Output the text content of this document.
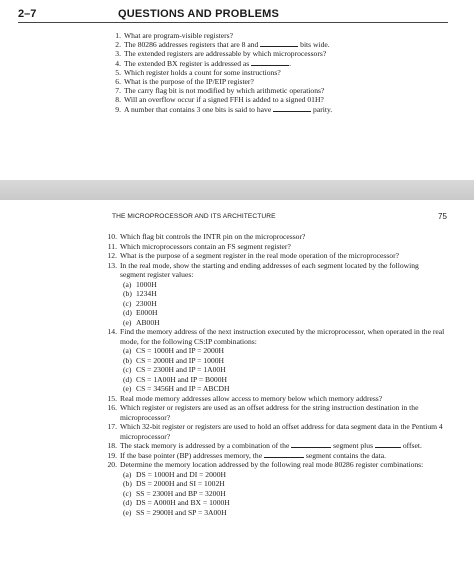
2–7	QUESTIONS AND PROBLEMS
1. What are program-visible registers?
2. The 80286 addresses registers that are 8 and	bits wide.
3. The extended registers are addressable by which microprocessors?
4. The extended BX register is addressed as	.
5. Which register holds a count for some instructions?
6. What is the purpose of the IP/EIP register?
7. The carry flag bit is not modified by which arithmetic operations?
8. Will an overflow occur if a signed FFH is added to a signed 01H?
9. A number that contains 3 one bits is said to have	parity.
THE MICROPROCESSOR AND ITS ARCHITECTURE	75
10. Which flag bit controls the INTR pin on the microprocessor?
11. Which microprocessors contain an FS segment register?
12. What is the purpose of a segment register in the real mode operation of the microprocessor?
13. In the real mode, show the starting and ending addresses of each segment located by the following segment register values:
(a) 1000H
(b) 1234H
(c) 2300H
(d) E000H
(e) AB00H
14. Find the memory address of the next instruction executed by the microprocessor, when operated in the real mode, for the following CS:IP combinations:
(a) CS = 1000H and IP = 2000H
(b) CS = 2000H and IP = 1000H
(c) CS = 2300H and IP = 1A00H
(d) CS = 1A00H and IP = B000H
(e) CS = 3456H and IP = ABCDH
15. Real mode memory addresses allow access to memory below which memory address?
16. Which register or registers are used as an offset address for the string instruction destination in the microprocessor?
17. Which 32-bit register or registers are used to hold an offset address for data segment data in the Pentium 4 microprocessor?
18. The stack memory is addressed by a combination of the	segment plus	offset.
19. If the base pointer (BP) addresses memory, the	segment contains the data.
20. Determine the memory location addressed by the following real mode 80286 register combinations:
(a) DS = 1000H and DI = 2000H
(b) DS = 2000H and SI = 1002H
(c) SS = 2300H and BP = 3200H
(d) DS = A000H and BX = 1000H
(e) SS = 2900H and SP = 3A00H
